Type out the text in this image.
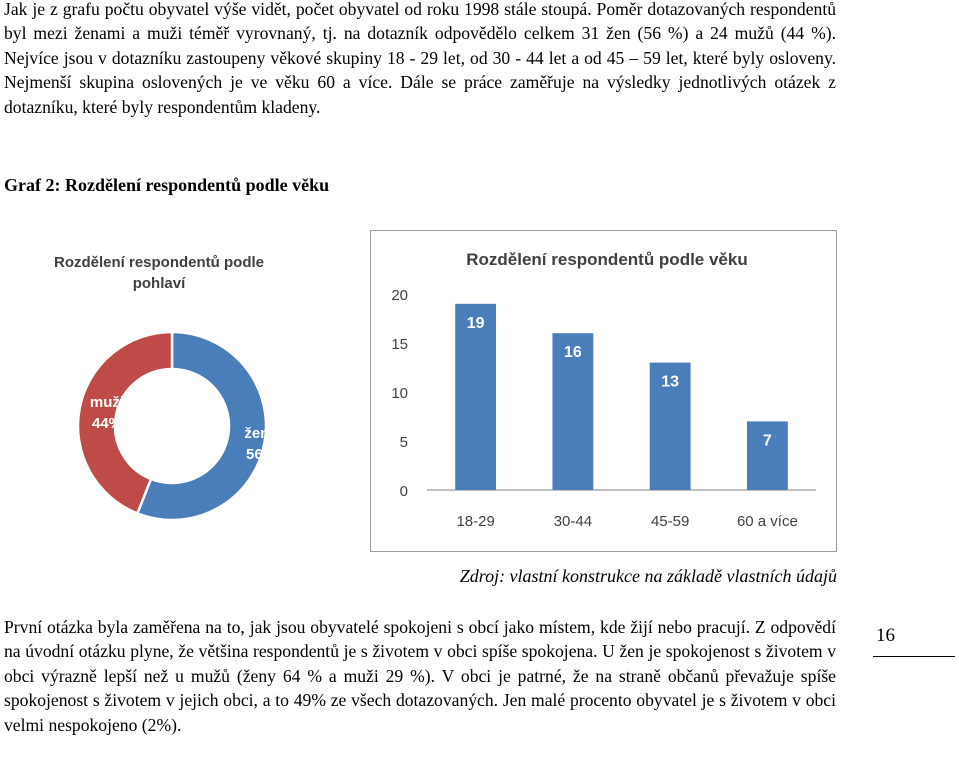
Jak je z grafu počtu obyvatel výše vidět, počet obyvatel od roku 1998 stále stoupá. Poměr dotazovaných respondentů byl mezi ženami a muži téměř vyrovnaný, tj. na dotazník odpovědělo celkem 31 žen (56 %) a 24 mužů (44 %). Nejvíce jsou v dotazníku zastoupeny věkové skupiny 18 - 29 let, od 30 - 44 let a od 45 – 59 let, které byly osloveny. Nejmenší skupina oslovených je ve věku 60 a více. Dále se práce zaměřuje na výsledky jednotlivých otázek z dotazníku, které byly respondentům kladeny.

Graf 2: Rozdělení respondentů podle věku

Rozdělení respondentů podle
pohlaví
muži
44%
ženy
56%
Rozdělení respondentů podle věku
0
5
10
15
20
18-29	30-44	45-59	60 a více
19
16
13
7

Zdroj: vlastní konstrukce na základě vlastních údajů

První otázka byla zaměřena na to, jak jsou obyvatelé spokojeni s obcí jako místem, kde žijí nebo pracují. Z odpovědí na úvodní otázku plyne, že většina respondentů je s životem v obci spíše spokojena. U žen je spokojenost s životem v obci výrazně lepší než u mužů (ženy 64 % a muži 29 %). V obci je patrné, že na straně občanů převažuje spíše spokojenost s životem v jejich obci, a to 49% ze všech dotazovaných. Jen malé procento obyvatel je s životem v obci velmi nespokojeno (2%).

16
